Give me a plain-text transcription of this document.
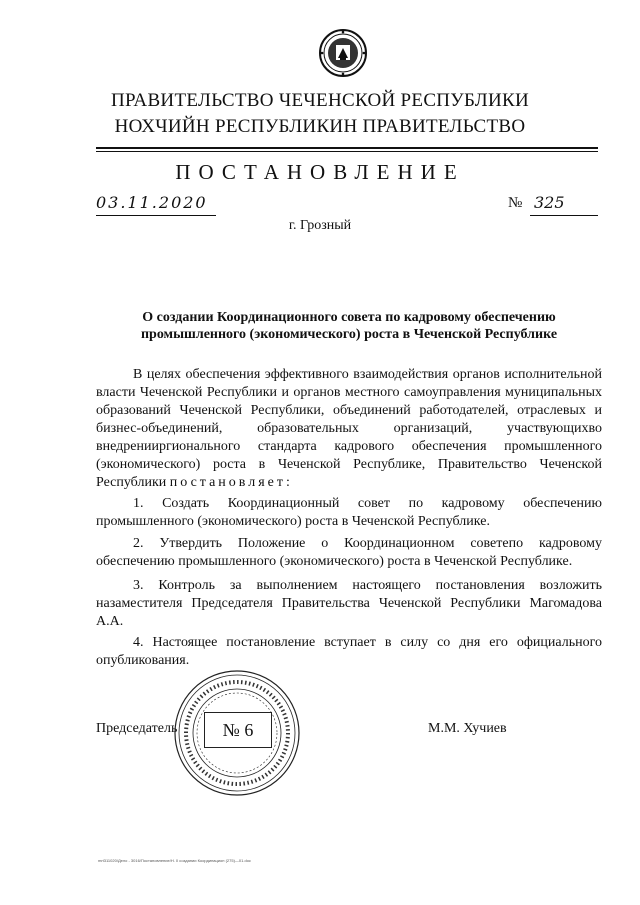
ПРАВИТЕЛЬСТВО ЧЕЧЕНСКОЙ РЕСПУБЛИКИ
НОХЧИЙН РЕСПУБЛИКИН ПРАВИТЕЛЬСТВО
ПОСТАНОВЛЕНИЕ
03.11.2020	№ 325
г. Грозный
О создании Координационного совета по кадровому обеспечению
промышленного (экономического) роста в Чеченской Республике

В целях обеспечения эффективного взаимодействия органов исполнительной власти Чеченской Республики и органов местного самоуправления муниципальных образований Чеченской Республики, объединений работодателей, отраслевых и бизнес-объединений, образовательных организаций, участвующихво внедренииргионального стандарта кадрового обеспечения промышленного (экономического) роста в Чеченской Республике, Правительство Чеченской Республики постановляет:

1. Создать Координационный совет по кадровому обеспечению промышленного (экономического) роста в Чеченской Республике.

2. Утвердить Положение о Координационном советепо кадровому обеспечению промышленного (экономического) роста в Чеченской Республике.

3. Контроль за выполнением настоящего постановления возложить назаместителя Председателя Правительства Чеченской Республики Магомадова А.А.

4. Настоящее постановление вступает в силу со дня его официального опубликования.

Председатель	№ 6	М.М. Хучиев
mrt311020/Дело - 3016/Постановление/Н. 0 создании Координацион (275)—01.doc
